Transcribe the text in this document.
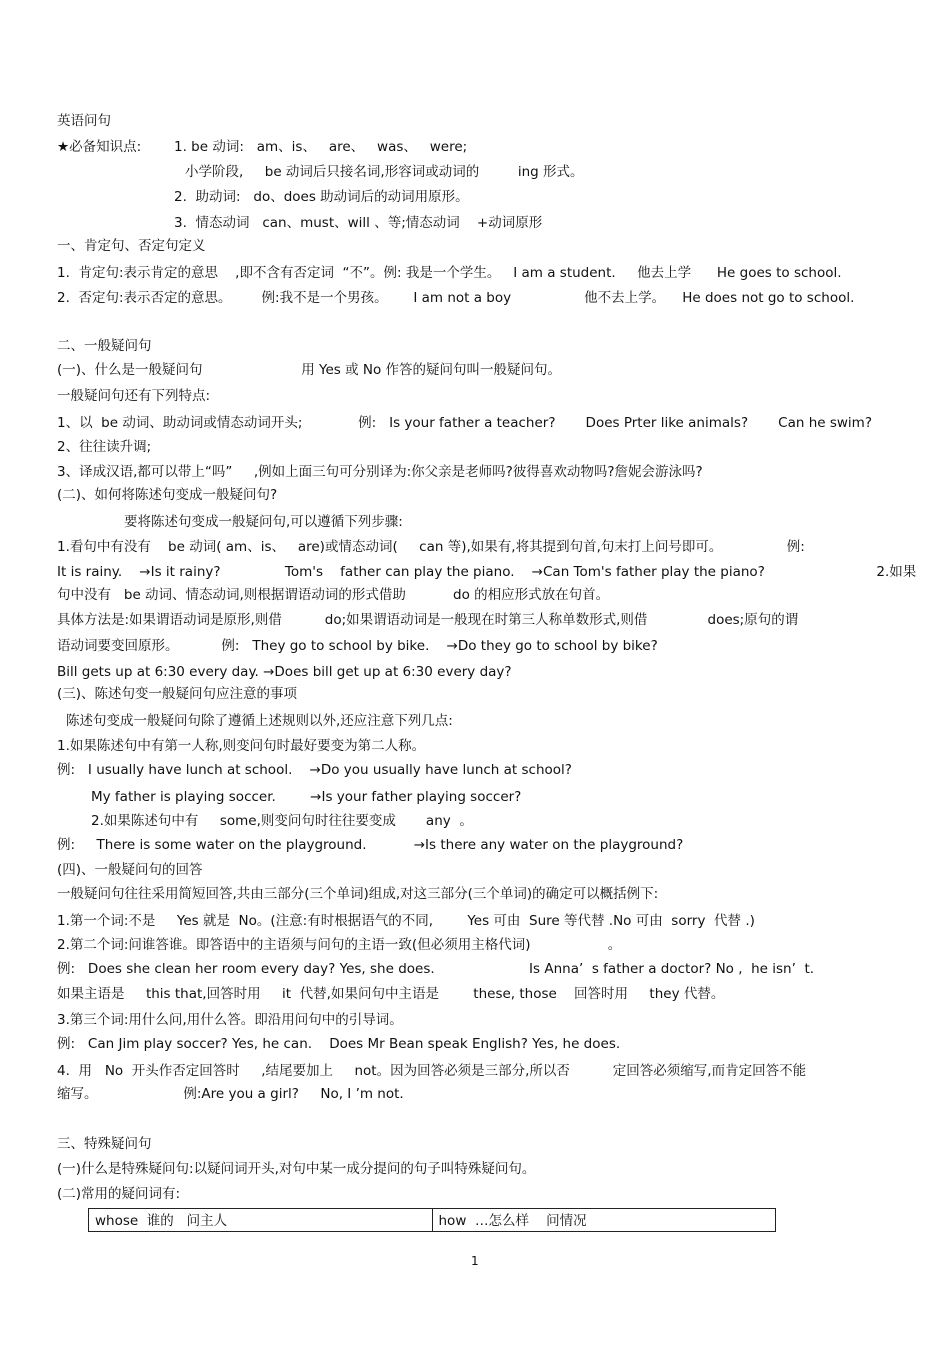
英语问句
★必备知识点: 1. be 动词:   am、is、   are、   was、   were;
小学阶段,     be 动词后只接名词,形容词或动词的         ing 形式。
2.  助动词:   do、does 助动词后的动词用原形。
3.  情态动词   can、must、will 、等;情态动词    +动词原形
一、肯定句、否定句定义
1.  肯定句:表示肯定的意思    ,即不含有否定词  “不”。例: 我是一个学生。   I am a student.     他去上学      He goes to school.
2.  否定句:表示否定的意思。       例:我不是一个男孩。      I am not a boy                 他不去上学。    He does not go to school.
二、一般疑问句
(一)、什么是一般疑问句                       用 Yes 或 No 作答的疑问句叫一般疑问句。
一般疑问句还有下列特点:
1、以  be 动词、助动词或情态动词开头;             例:   Is your father a teacher?       Does Prter like animals?       Can he swim?
2、往往读升调;
3、译成汉语,都可以带上“吗”     ,例如上面三句可分别译为:你父亲是老师吗?彼得喜欢动物吗?詹妮会游泳吗?
(二)、如何将陈述句变成一般疑问句?
要将陈述句变成一般疑问句,可以遵循下列步骤:
1.看句中有没有    be 动词( am、is、   are)或情态动词(     can 等),如果有,将其提到句首,句末打上问号即可。               例:
It is rainy.    →Is it rainy?               Tom's    father can play the piano.    →Can Tom's father play the piano?                          2.如果
句中没有   be 动词、情态动词,则根据谓语动词的形式借助           do 的相应形式放在句首。
具体方法是:如果谓语动词是原形,则借          do;如果谓语动词是一般现在时第三人称单数形式,则借              does;原句的谓
语动词要变回原形。          例:   They go to school by bike.    →Do they go to school by bike?
Bill gets up at 6:30 every day. →Does bill get up at 6:30 every day?
(三)、陈述句变一般疑问句应注意的事项
陈述句变成一般疑问句除了遵循上述规则以外,还应注意下列几点:
1.如果陈述句中有第一人称,则变问句时最好要变为第二人称。
例:   I usually have lunch at school.    →Do you usually have lunch at school?
My father is playing soccer.        →Is your father playing soccer?
2.如果陈述句中有     some,则变问句时往往要变成       any  。
例:     There is some water on the playground.           →Is there any water on the playground?
(四)、一般疑问句的回答
一般疑问句往往采用简短回答,共由三部分(三个单词)组成,对这三部分(三个单词)的确定可以概括例下:
1.第一个词:不是     Yes 就是  No。(注意:有时根据语气的不同,        Yes 可由  Sure 等代替 .No 可由  sorry  代替 .)
2.第二个词:问谁答谁。即答语中的主语须与问句的主语一致(但必须用主格代词)                  。
例:   Does she clean her room every day? Yes, she does.                      Is Anna’  s father a doctor? No ,  he isn’  t.
如果主语是     this that,回答时用     it  代替,如果问句中主语是        these, those    回答时用     they 代替。
3.第三个词:用什么问,用什么答。即沿用问句中的引导词。
例:   Can Jim play soccer? Yes, he can.    Does Mr Bean speak English? Yes, he does.
4.  用   No  开头作否定回答时     ,结尾要加上     not。因为回答必须是三部分,所以否          定回答必须缩写,而肯定回答不能
缩写。                    例:Are you a girl?     No, I ’m not.
三、特殊疑问句
(一)什么是特殊疑问句:以疑问词开头,对句中某一成分提问的句子叫特殊疑问句。
(二)常用的疑问词有:
whose  谁的   问主人	how  …怎么样    问情况
1
